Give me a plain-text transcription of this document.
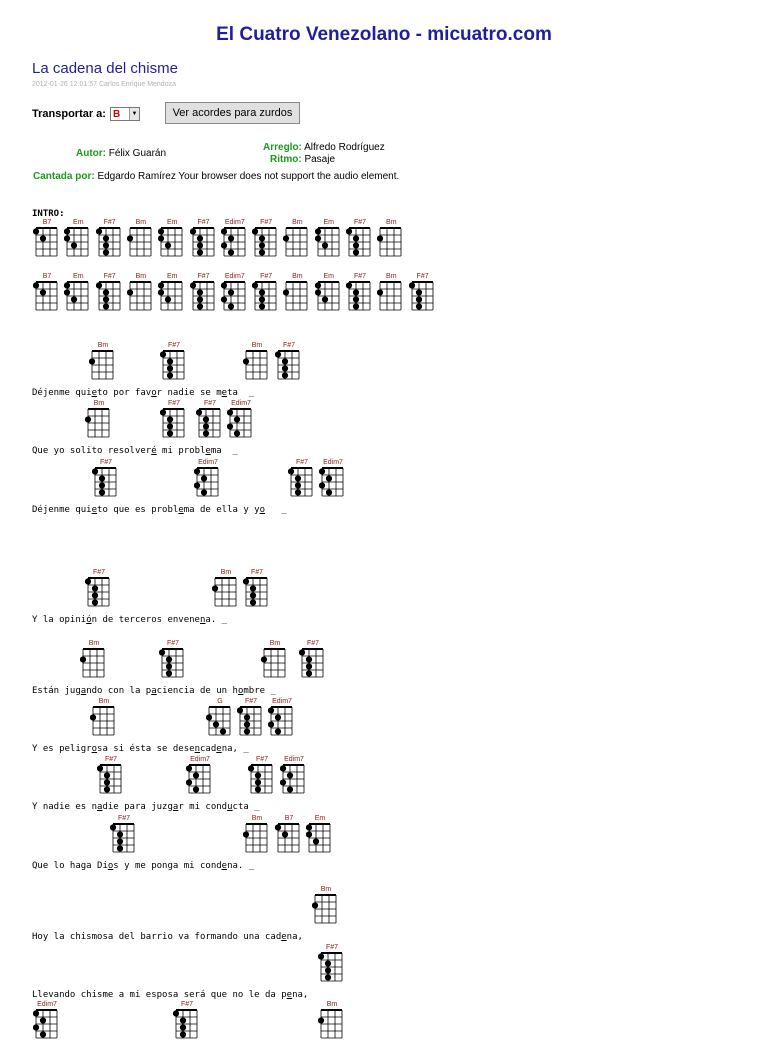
El Cuatro Venezolano - micuatro.com
La cadena del chisme
2012-01-26 12:01:57 Carlos Enrique Mendoza
Transportar a: B	▼	Ver acordes para zurdos
Autor: Félix Guarán
Arreglo: Alfredo Rodríguez
Ritmo: Pasaje
Cantada por: Edgardo Ramírez Your browser does not support the audio element.
INTRO:
B7	Em	F#7	Bm	Em	F#7	Edim7	F#7	Bm	Em	F#7	Bm
B7	Em	F#7	Bm	Em	F#7	Edim7	F#7	Bm	Em	F#7	Bm	F#7
Bm	F#7	Bm	F#7
Bm	F#7	F#7	Edim7
F#7	Edim7	F#7	Edim7
F#7	Bm	F#7
Bm	F#7	Bm	F#7
Bm	G	F#7	Edim7
F#7	Edim7	F#7	Edim7
F#7	Bm	B7	Em
Bm
F#7
Edim7	F#7	Bm
Déjenme quieto por favor nadie se meta  _
Que yo solito resolveré mi problema  _
Déjenme quieto que es problema de ella y yo   _
Y la opinión de terceros envenena. _
Están jugando con la paciencia de un hombre _
Y es peligrosa si ésta se desencadena, _
Y nadie es nadie para juzgar mi conducta _
Que lo haga Dios y me ponga mi condena. _
Hoy la chismosa del barrio va formando una cadena,
Llevando chisme a mi esposa será que no le da pena,
